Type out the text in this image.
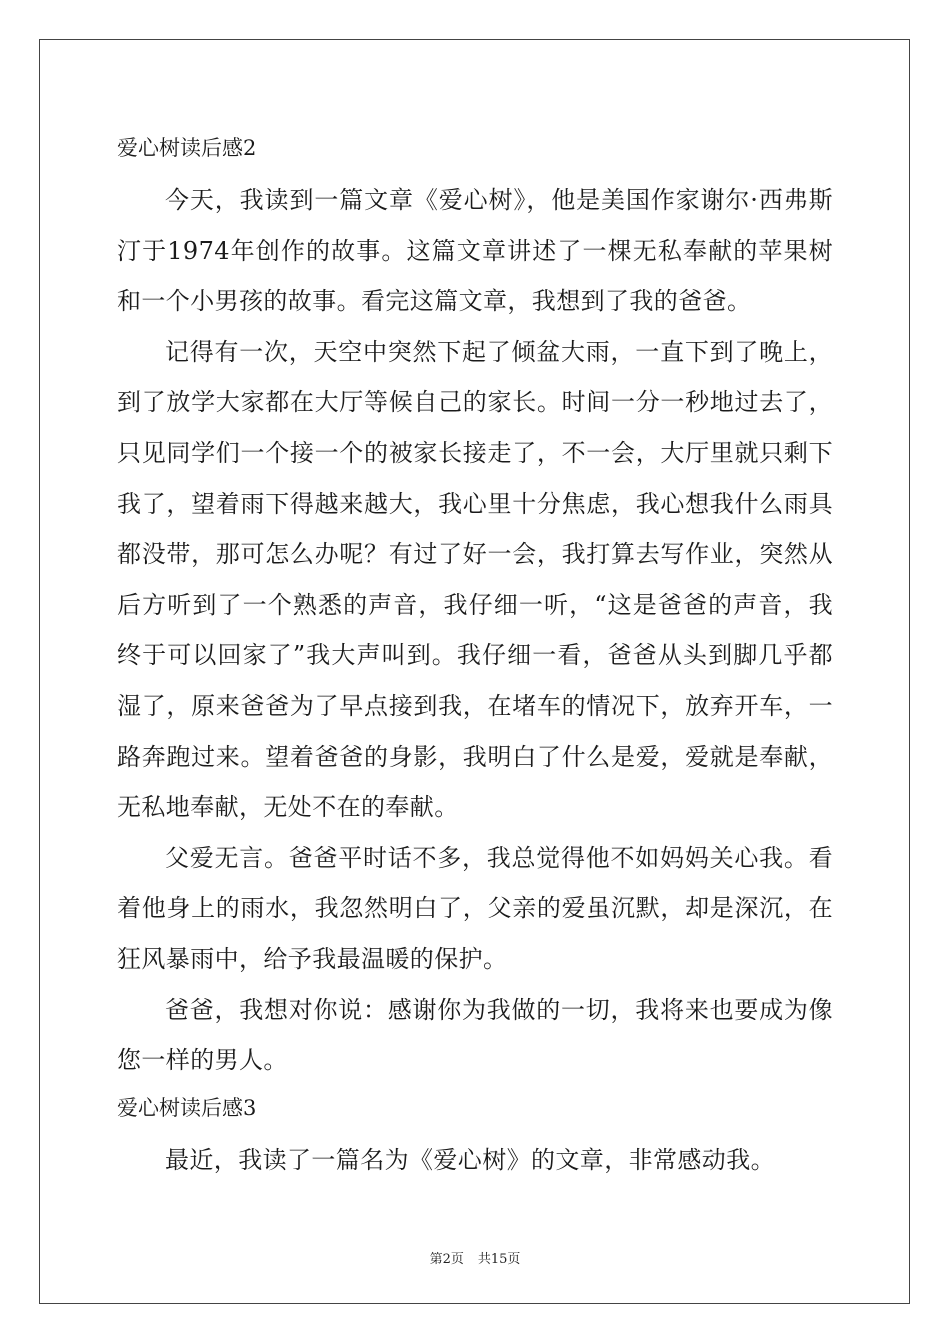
爱心树读后感2

今天，我读到一篇文章《爱心树》，他是美国作家谢尔·西弗斯汀于1974年创作的故事。这篇文章讲述了一棵无私奉献的苹果树和一个小男孩的故事。看完这篇文章，我想到了我的爸爸。

记得有一次，天空中突然下起了倾盆大雨，一直下到了晚上，到了放学大家都在大厅等候自己的家长。时间一分一秒地过去了，只见同学们一个接一个的被家长接走了，不一会，大厅里就只剩下我了，望着雨下得越来越大，我心里十分焦虑，我心想我什么雨具都没带，那可怎么办呢？有过了好一会，我打算去写作业，突然从后方听到了一个熟悉的声音，我仔细一听，“这是爸爸的声音，我终于可以回家了”我大声叫到。我仔细一看，爸爸从头到脚几乎都湿了，原来爸爸为了早点接到我，在堵车的情况下，放弃开车，一路奔跑过来。望着爸爸的身影，我明白了什么是爱，爱就是奉献，无私地奉献，无处不在的奉献。

父爱无言。爸爸平时话不多，我总觉得他不如妈妈关心我。看着他身上的雨水，我忽然明白了，父亲的爱虽沉默，却是深沉，在狂风暴雨中，给予我最温暖的保护。

爸爸，我想对你说：感谢你为我做的一切，我将来也要成为像您一样的男人。

爱心树读后感3

最近，我读了一篇名为《爱心树》的文章，非常感动我。

第2页 共15页
